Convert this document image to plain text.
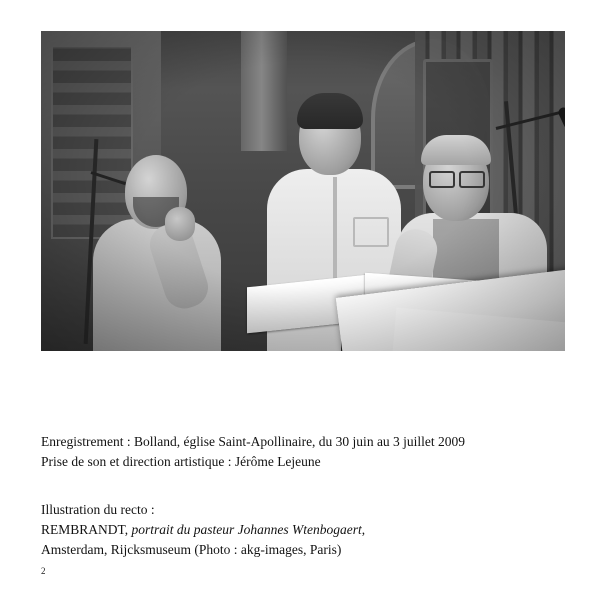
Enregistrement : Bolland, église Saint-Apollinaire, du 30 juin au 3 juillet 2009
Prise de son et direction artistique : Jérôme Lejeune
Illustration du recto :
REMBRANDT, portrait du pasteur Johannes Wtenbogaert,
Amsterdam, Rijcksmuseum (Photo : akg-images, Paris)
2
